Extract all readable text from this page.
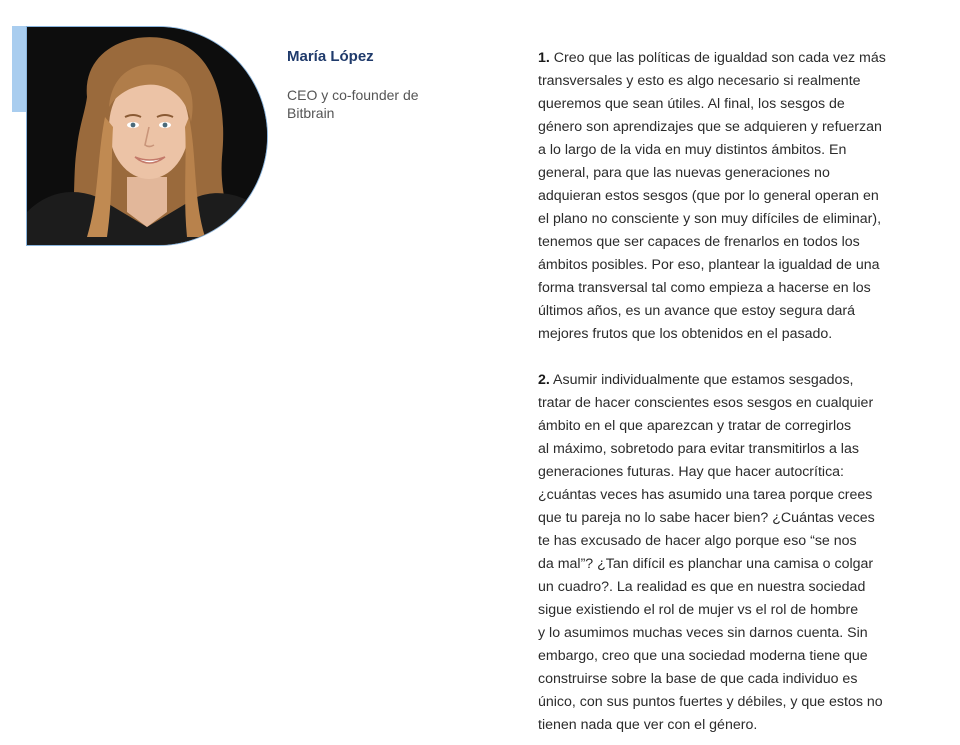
María López
CEO y co-founder de
Bitbrain

1. Creo que las políticas de igualdad son cada vez más
transversales y esto es algo necesario si realmente
queremos que sean útiles. Al final, los sesgos de
género son aprendizajes que se adquieren y refuerzan
a lo largo de la vida en muy distintos ámbitos. En
general, para que las nuevas generaciones no
adquieran estos sesgos (que por lo general operan en
el plano no consciente y son muy difíciles de eliminar),
tenemos que ser capaces de frenarlos en todos los
ámbitos posibles. Por eso, plantear la igualdad de una
forma transversal tal como empieza a hacerse en los
últimos años, es un avance que estoy segura dará
mejores frutos que los obtenidos en el pasado.

2. Asumir individualmente que estamos sesgados,
tratar de hacer conscientes esos sesgos en cualquier
ámbito en el que aparezcan y tratar de corregirlos
al máximo, sobretodo para evitar transmitirlos a las
generaciones futuras. Hay que hacer autocrítica:
¿cuántas veces has asumido una tarea porque crees
que tu pareja no lo sabe hacer bien? ¿Cuántas veces
te has excusado de hacer algo porque eso “se nos
da mal”? ¿Tan difícil es planchar una camisa o colgar
un cuadro?. La realidad es que en nuestra sociedad
sigue existiendo el rol de mujer vs el rol de hombre
y lo asumimos muchas veces sin darnos cuenta. Sin
embargo, creo que una sociedad moderna tiene que
construirse sobre la base de que cada individuo es
único, con sus puntos fuertes y débiles, y que estos no
tienen nada que ver con el género.
